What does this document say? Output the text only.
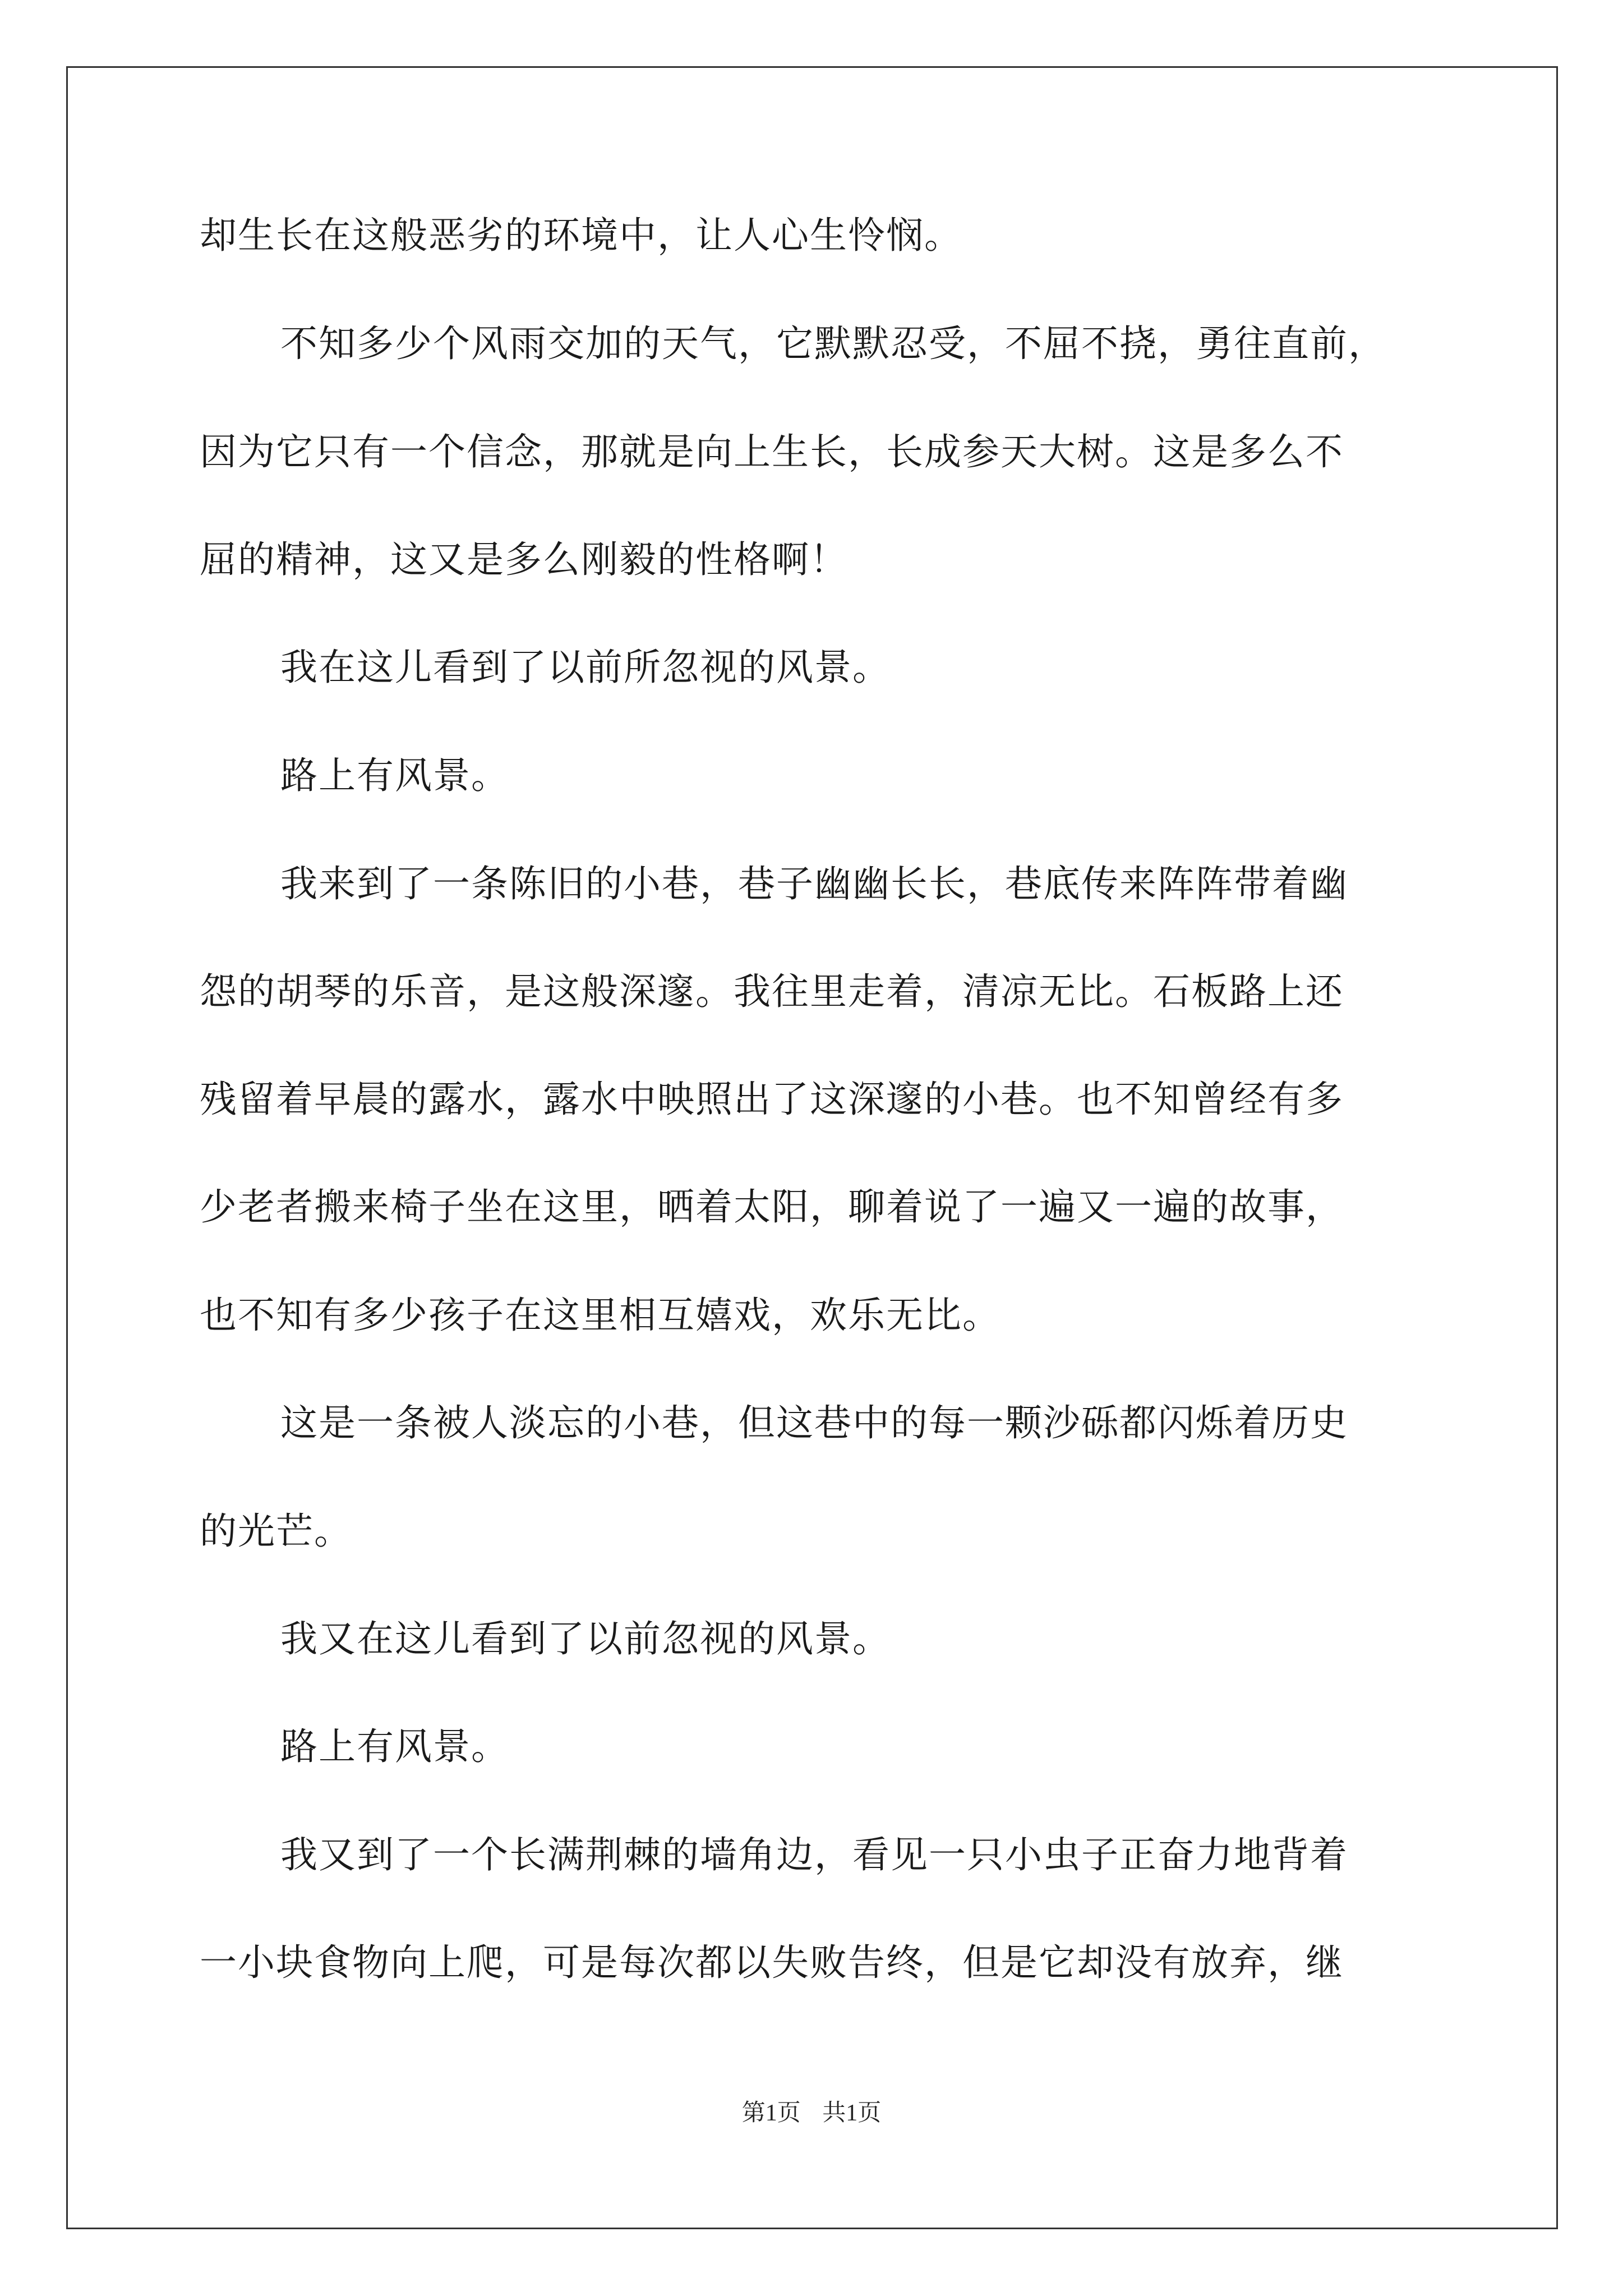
却生长在这般恶劣的环境中，让人心生怜悯。
不知多少个风雨交加的天气，它默默忍受，不屈不挠，勇往直前，
因为它只有一个信念，那就是向上生长，长成参天大树。这是多么不
屈的精神，这又是多么刚毅的性格啊！
我在这儿看到了以前所忽视的风景。
路上有风景。
我来到了一条陈旧的小巷，巷子幽幽长长，巷底传来阵阵带着幽
怨的胡琴的乐音，是这般深邃。我往里走着，清凉无比。石板路上还
残留着早晨的露水，露水中映照出了这深邃的小巷。也不知曾经有多
少老者搬来椅子坐在这里，晒着太阳，聊着说了一遍又一遍的故事，
也不知有多少孩子在这里相互嬉戏，欢乐无比。
这是一条被人淡忘的小巷，但这巷中的每一颗沙砾都闪烁着历史
的光芒。
我又在这儿看到了以前忽视的风景。
路上有风景。
我又到了一个长满荆棘的墙角边，看见一只小虫子正奋力地背着
一小块食物向上爬，可是每次都以失败告终，但是它却没有放弃，继
第1页 共1页
